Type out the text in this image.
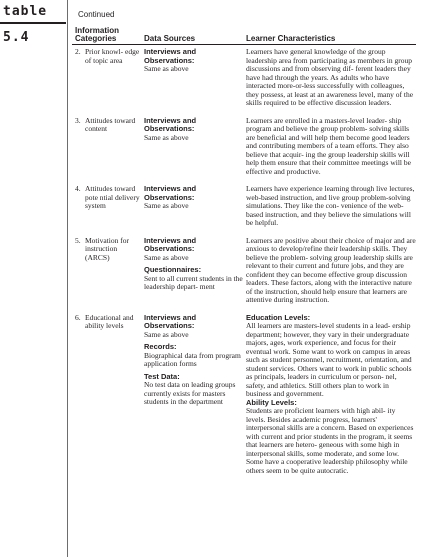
table
5.4
Continued
Information Categories	Data Sources	Learner Characteristics
2. Prior knowl- edge of topic area
Interviews and Observations:
Same as above
Learners have general knowledge of the group leadership area from participating as members in group discussions and from observing dif- ferent leaders they have had through the years. As adults who have interacted more-or-less successfully with colleagues, they possess, at least at an awareness level, many of the skills required to be effective discussion leaders.
3. Attitudes toward content
Interviews and Observations:
Same as above
Learners are enrolled in a masters-level leader- ship program and believe the group problem- solving skills are beneficial and will help them become good leaders and contributing members of a team efforts. They also believe that acquir- ing the group leadership skills will help them ensure that their committee meetings will be effective and productive.
4. Attitudes toward pote ntial delivery system
Interviews and Observations:
Same as above
Learners have experience learning through live lectures, web-based instruction, and live group problem-solving simulations. They like the con- venience of the web-based instruction, and they believe the simulations will be helpful.
5. Motivation for instruction (ARCS)
Interviews and Observations:
Same as above
Questionnaires:
Sent to all current students in the leadership depart- ment
Learners are positive about their choice of major and are anxious to develop/refine their leadership skills. They believe the problem- solving group leadership skills are relevant to their current and future jobs, and they are confident they can become effective group discussion leaders. These factors, along with the interactive nature of the instruction, should help ensure that learners are attentive during instruction.
6. Educational and ability levels
Interviews and Observations:
Same as above
Records:
Biographical data from program application forms
Test Data:
No test data on leading groups currently exists for masters students in the department
Education Levels:
All learners are masters-level students in a lead- ership department; however, they vary in their undergraduate majors, ages, work experience, and focus for their eventual work. Some want to work on campus in areas such as student personnel, recruitment, orientation, and student services. Others want to work in public schools as principals, leaders in curriculum or person- nel, safety, and athletics. Still others plan to work in business and government.
Ability Levels:
Students are proficient learners with high abil- ity levels. Besides academic progress, learners' interpersonal skills are a concern. Based on experiences with current and prior students in the program, it seems that learners are hetero- geneous with some high in interpersonal skills, some moderate, and some low. Some have a cooperative leadership philosophy while others seem to be quite autocratic.
